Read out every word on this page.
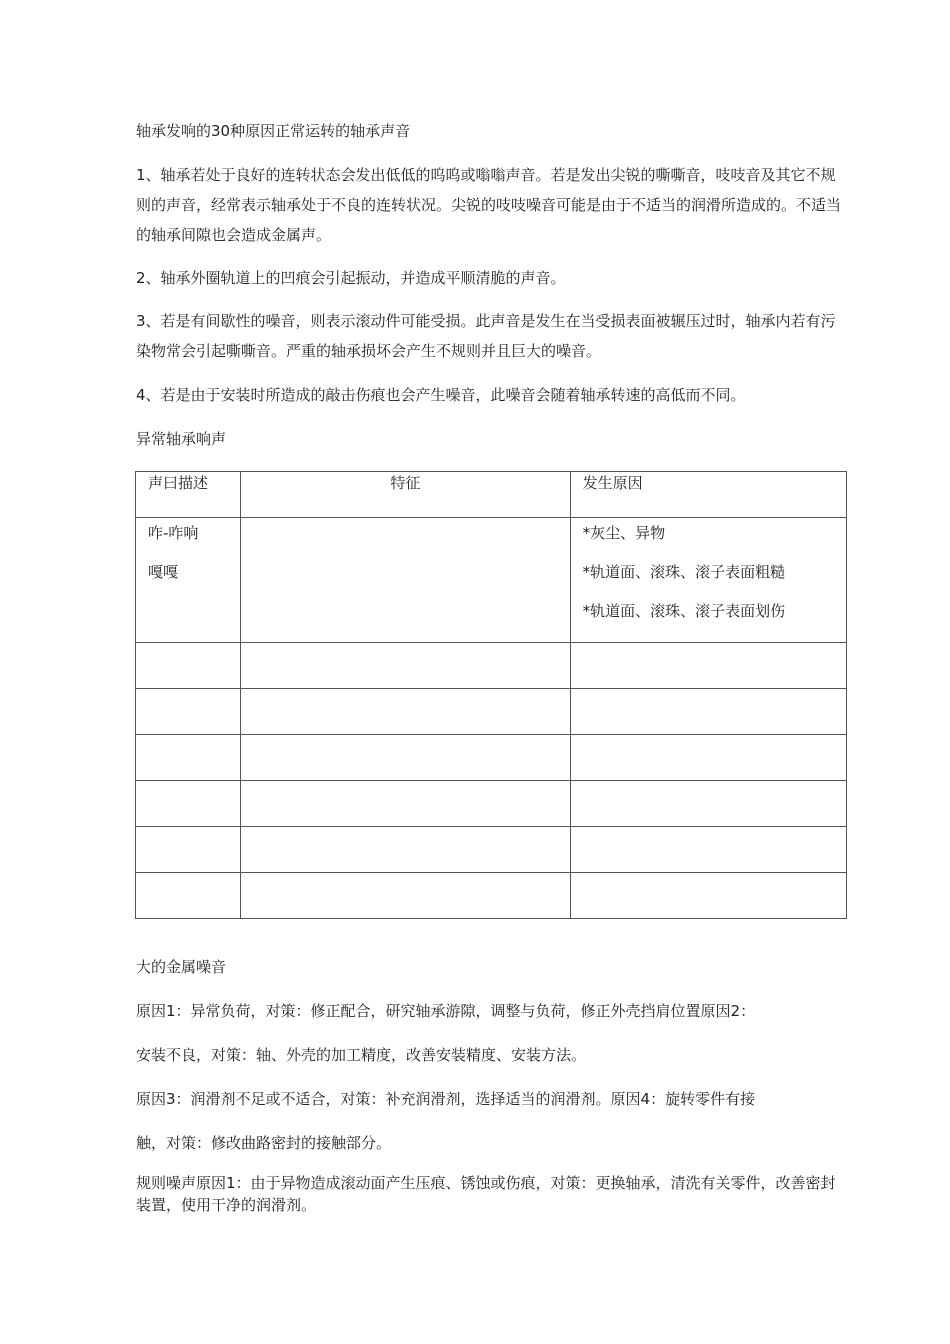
轴承发响的30种原因正常运转的轴承声音

1、轴承若处于良好的连转状态会发出低低的呜呜或嗡嗡声音。若是发出尖锐的嘶嘶音，吱吱音及其它不规则的声音，经常表示轴承处于不良的连转状况。尖锐的吱吱噪音可能是由于不适当的润滑所造成的。不适当的轴承间隙也会造成金属声。

2、轴承外圈轨道上的凹痕会引起振动，并造成平顺清脆的声音。

3、若是有间歇性的噪音，则表示滚动件可能受损。此声音是发生在当受损表面被辗压过时，轴承内若有污染物常会引起嘶嘶音。严重的轴承损坏会产生不规则并且巨大的噪音。

4、若是由于安装时所造成的敲击伤痕也会产生噪音，此噪音会随着轴承转速的高低而不同。

异常轴承响声

声曰描述	特征	发生原因

咋-咋响
嘎嘎		*灰尘、异物
*轨道面、滚珠、滚子表面粗糙
*轨道面、滚珠、滚子表面划伤

大的金属噪音

原因1：异常负荷，对策：修正配合，研究轴承游隙，调整与负荷，修正外壳挡肩位置原因2：

安装不良，对策：轴、外壳的加工精度，改善安装精度、安装方法。

原因3：润滑剂不足或不适合，对策：补充润滑剂，选择适当的润滑剂。原因4：旋转零件有接

触，对策：修改曲路密封的接触部分。

规则噪声原因1：由于异物造成滚动面产生压痕、锈蚀或伤痕，对策：更换轴承，清洗有关零件，改善密封装置，使用干净的润滑剂。
